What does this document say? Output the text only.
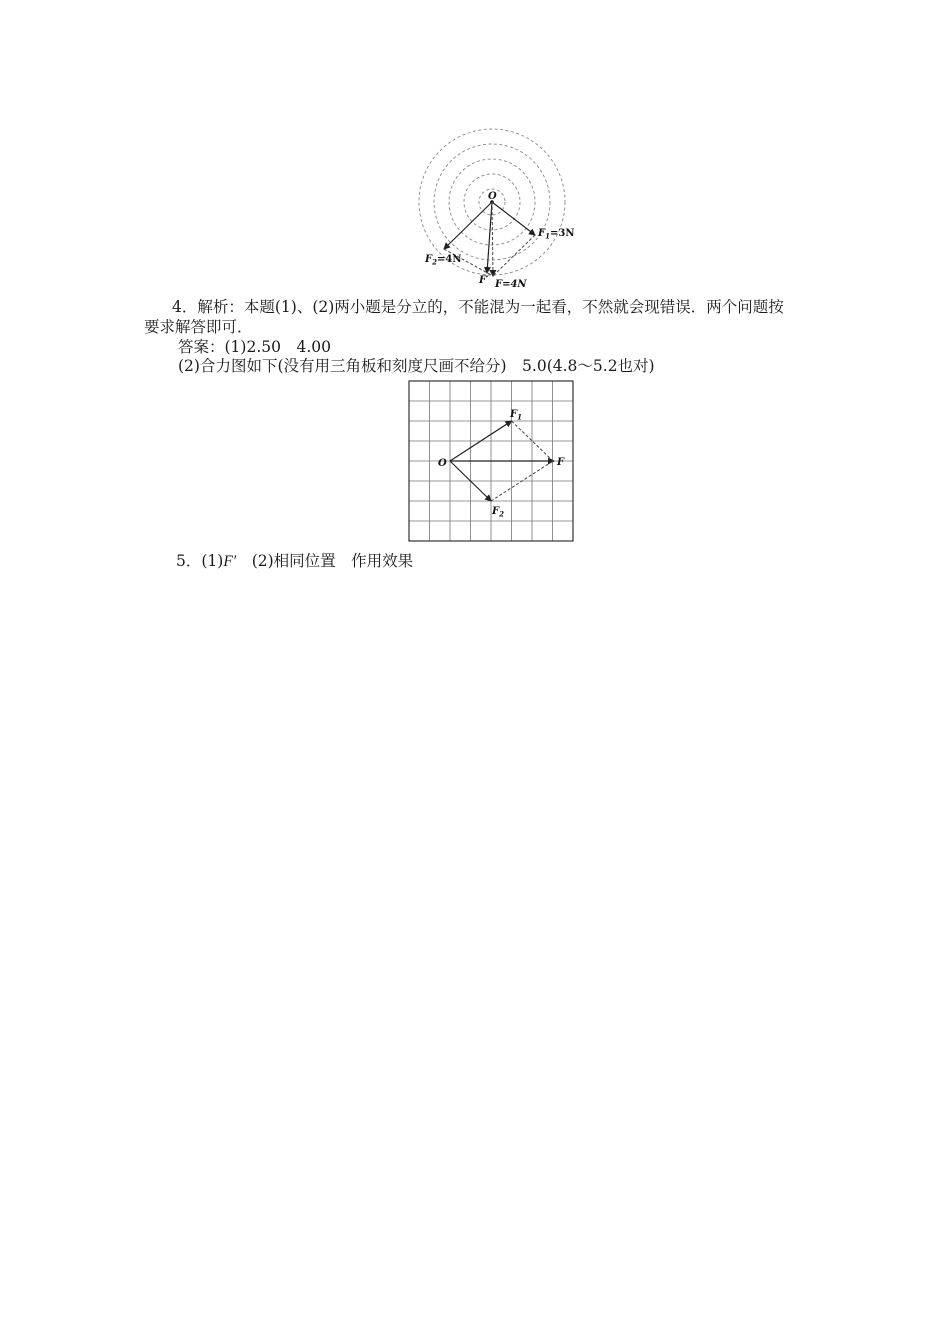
O
$F_1=3N$
$F_2=4N$
F′ F=4N
4．解析：本题(1)、(2)两小题是分立的，不能混为一起看，不然就会现错误．两个问题按
要求解答即可．
答案：(1)2.50　4.00
(2)合力图如下(没有用三角板和刻度尺画不给分)　5.0(4.8～5.2也对)
O
$F_1$
F
$F_2$
5．(1)F′　(2)相同位置　作用效果
